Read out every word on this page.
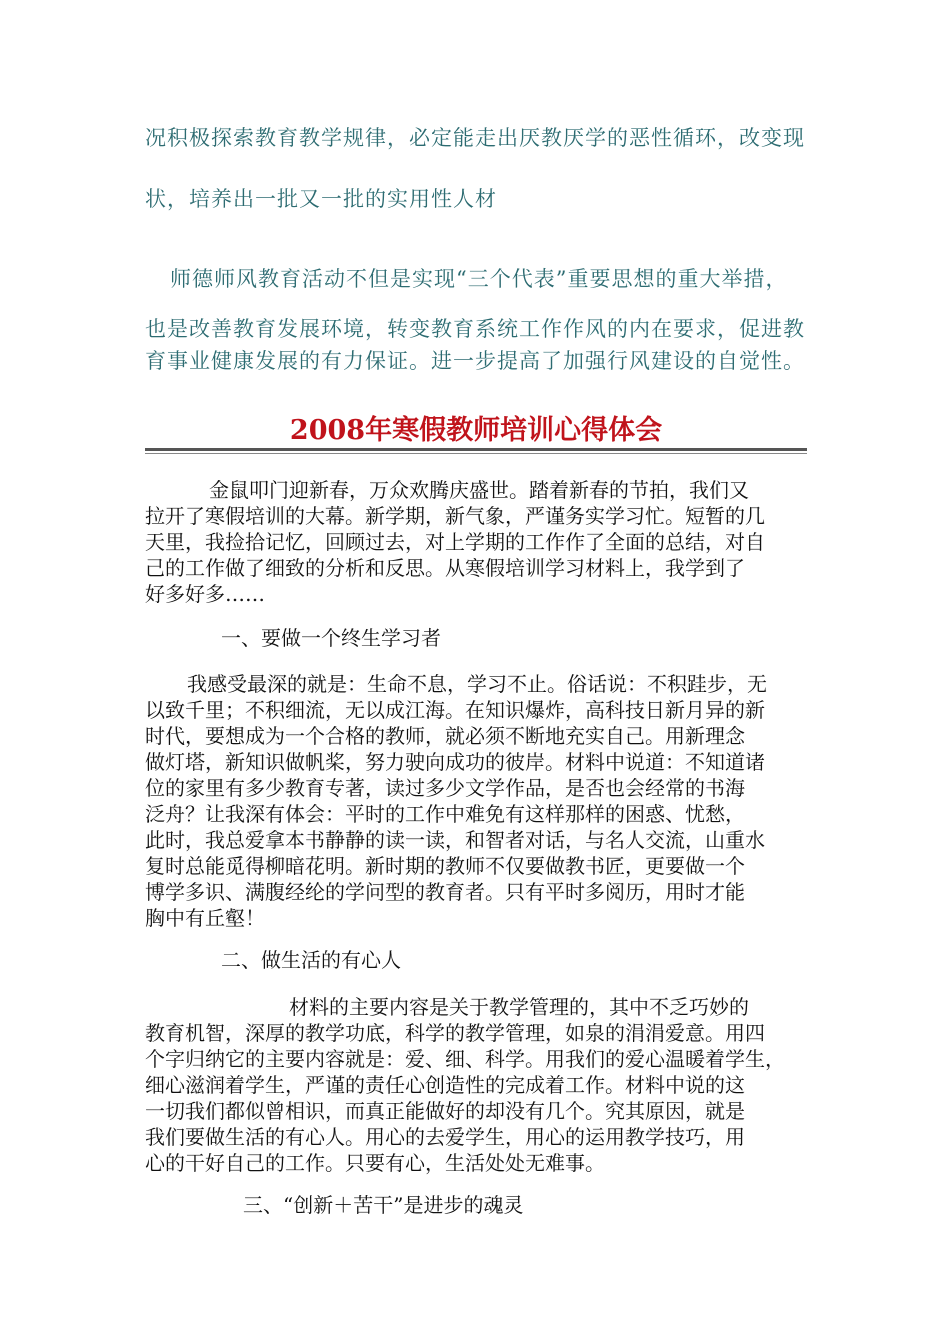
况积极探索教育教学规律，必定能走出厌教厌学的恶性循环，改变现

状，培养出一批又一批的实用性人材

师德师风教育活动不但是实现“三个代表”重要思想的重大举措，

也是改善教育发展环境，转变教育系统工作作风的内在要求，促进教

育事业健康发展的有力保证。进一步提高了加强行风建设的自觉性。

2008年寒假教师培训心得体会

金鼠叩门迎新春，万众欢腾庆盛世。踏着新春的节拍，我们又

拉开了寒假培训的大幕。新学期，新气象，严谨务实学习忙。短暂的几

天里，我捡拾记忆，回顾过去，对上学期的工作作了全面的总结，对自

己的工作做了细致的分析和反思。从寒假培训学习材料上，我学到了

好多好多……

一、要做一个终生学习者

我感受最深的就是：生命不息，学习不止。俗话说：不积跬步，无

以致千里；不积细流，无以成江海。在知识爆炸，高科技日新月异的新

时代，要想成为一个合格的教师，就必须不断地充实自己。用新理念

做灯塔，新知识做帆桨，努力驶向成功的彼岸。材料中说道：不知道诸

位的家里有多少教育专著，读过多少文学作品，是否也会经常的书海

泛舟？让我深有体会：平时的工作中难免有这样那样的困惑、忧愁，

此时，我总爱拿本书静静的读一读，和智者对话，与名人交流，山重水

复时总能觅得柳暗花明。新时期的教师不仅要做教书匠，更要做一个

博学多识、满腹经纶的学问型的教育者。只有平时多阅历，用时才能

胸中有丘壑！

二、做生活的有心人

材料的主要内容是关于教学管理的，其中不乏巧妙的

教育机智，深厚的教学功底，科学的教学管理，如泉的涓涓爱意。用四

个字归纳它的主要内容就是：爱、细、科学。用我们的爱心温暖着学生，

细心滋润着学生，严谨的责任心创造性的完成着工作。材料中说的这

一切我们都似曾相识，而真正能做好的却没有几个。究其原因，就是

我们要做生活的有心人。用心的去爱学生，用心的运用教学技巧，用

心的干好自己的工作。只要有心，生活处处无难事。

三、“创新＋苦干”是进步的魂灵
